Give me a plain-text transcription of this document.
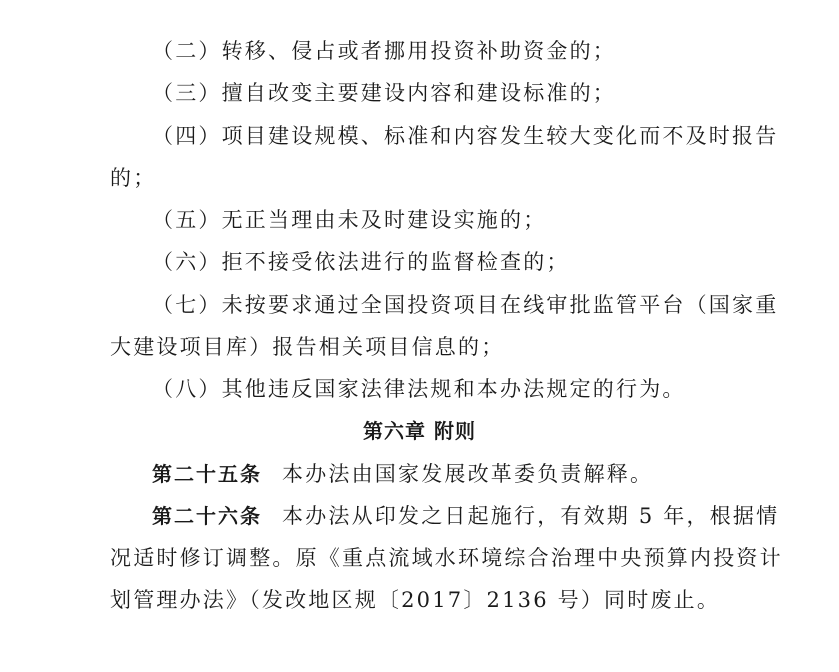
（二）转移、侵占或者挪用投资补助资金的；
（三）擅自改变主要建设内容和建设标准的；
（四）项目建设规模、标准和内容发生较大变化而不及时报告
的；
（五）无正当理由未及时建设实施的；
（六）拒不接受依法进行的监督检查的；
（七）未按要求通过全国投资项目在线审批监管平台（国家重
大建设项目库）报告相关项目信息的；
（八）其他违反国家法律法规和本办法规定的行为。
第六章 附则
第二十五条 本办法由国家发展改革委负责解释。
第二十六条 本办法从印发之日起施行，有效期 5 年，根据情
况适时修订调整。原《重点流域水环境综合治理中央预算内投资计
划管理办法》（发改地区规〔2017〕2136 号）同时废止。
